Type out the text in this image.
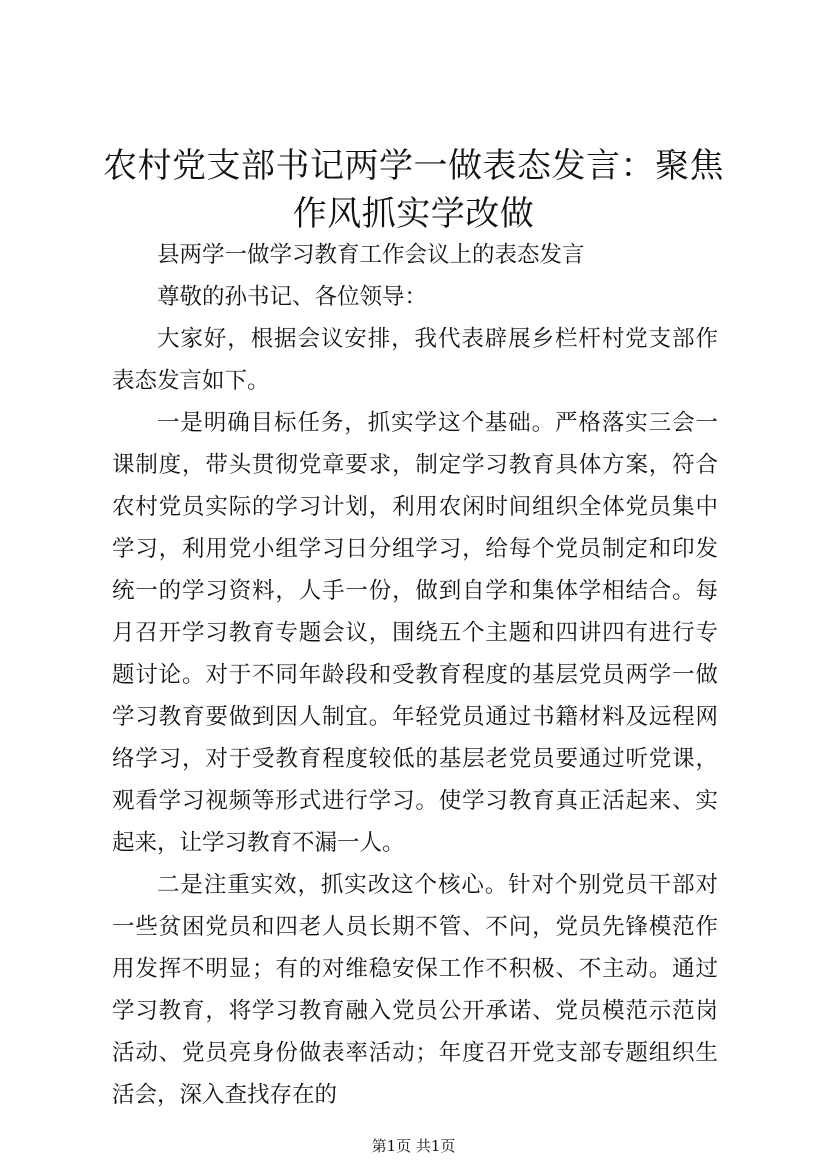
农村党支部书记两学一做表态发言：聚焦作风抓实学改做

县两学一做学习教育工作会议上的表态发言

尊敬的孙书记、各位领导：

大家好，根据会议安排，我代表辟展乡栏杆村党支部作表态发言如下。

一是明确目标任务，抓实学这个基础。严格落实三会一课制度，带头贯彻党章要求，制定学习教育具体方案，符合农村党员实际的学习计划，利用农闲时间组织全体党员集中学习，利用党小组学习日分组学习，给每个党员制定和印发统一的学习资料，人手一份，做到自学和集体学相结合。每月召开学习教育专题会议，围绕五个主题和四讲四有进行专题讨论。对于不同年龄段和受教育程度的基层党员两学一做学习教育要做到因人制宜。年轻党员通过书籍材料及远程网络学习，对于受教育程度较低的基层老党员要通过听党课，观看学习视频等形式进行学习。使学习教育真正活起来、实起来，让学习教育不漏一人。

二是注重实效，抓实改这个核心。针对个别党员干部对一些贫困党员和四老人员长期不管、不问，党员先锋模范作用发挥不明显；有的对维稳安保工作不积极、不主动。通过学习教育，将学习教育融入党员公开承诺、党员模范示范岗活动、党员亮身份做表率活动；年度召开党支部专题组织生活会，深入查找存在的

第1页 共1页
